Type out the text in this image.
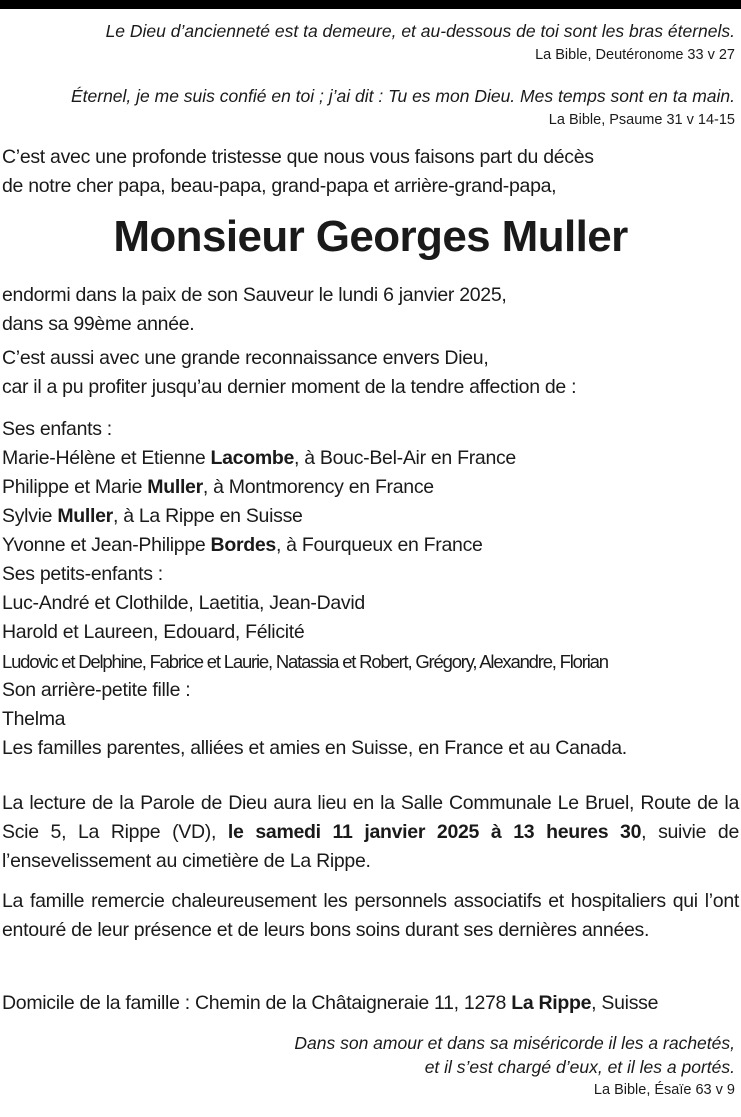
Le Dieu d’ancienneté est ta demeure, et au-dessous de toi sont les bras éternels.
La Bible, Deutéronome 33 v 27
Éternel, je me suis confié en toi ; j’ai dit : Tu es mon Dieu. Mes temps sont en ta main.
La Bible, Psaume 31 v 14-15
C’est avec une profonde tristesse que nous vous faisons part du décès
de notre cher papa, beau-papa, grand-papa et arrière-grand-papa,
Monsieur Georges Muller
endormi dans la paix de son Sauveur le lundi 6 janvier 2025,
dans sa 99ème année.
C’est aussi avec une grande reconnaissance envers Dieu,
car il a pu profiter jusqu’au dernier moment de la tendre affection de :
Ses enfants :
Marie-Hélène et Etienne Lacombe, à Bouc-Bel-Air en France
Philippe et Marie Muller, à Montmorency en France
Sylvie Muller, à La Rippe en Suisse
Yvonne et Jean-Philippe Bordes, à Fourqueux en France
Ses petits-enfants :
Luc-André et Clothilde, Laetitia, Jean-David
Harold et Laureen, Edouard, Félicité
Ludovic et Delphine, Fabrice et Laurie, Natassia et Robert, Grégory, Alexandre, Florian
Son arrière-petite fille :
Thelma
Les familles parentes, alliées et amies en Suisse, en France et au Canada.
La lecture de la Parole de Dieu aura lieu en la Salle Communale Le Bruel, Route de la Scie 5, La Rippe (VD), le samedi 11 janvier 2025 à 13 heures 30, suivie de l’ensevelissement au cimetière de La Rippe.
La famille remercie chaleureusement les personnels associatifs et hospitaliers qui l’ont entouré de leur présence et de leurs bons soins durant ses dernières années.
Domicile de la famille : Chemin de la Châtaigneraie 11, 1278 La Rippe, Suisse
Dans son amour et dans sa miséricorde il les a rachetés,
et il s’est chargé d’eux, et il les a portés.
La Bible, Ésaïe 63 v 9
